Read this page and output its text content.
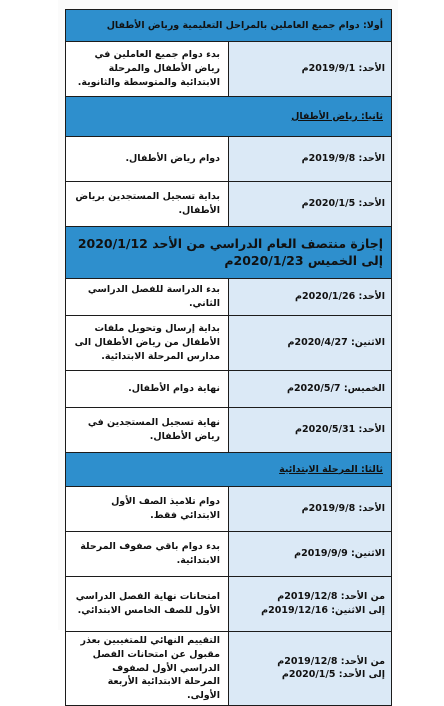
أولا: دوام جميع العاملين بالمراحل التعليمية ورياض الأطفال	
الأحد: 2019/9/1م	بدء دوام جميع العاملين في رياض الأطفال والمرحلة الابتدائية والمتوسطة والثانوية.
ثانيا: رياض الأطفال	
الأحد: 2019/9/8م	دوام رياض الأطفال.
الأحد: 2020/1/5م	بداية تسجيل المستجدين برياض الأطفال.

إجازة منتصف العام الدراسي من الأحد 2020/1/12
إلى الخميس 2020/1/23م	

الأحد: 2020/1/26م	بدء الدراسة للفصل الدراسي الثاني.
الاثنين: 2020/4/27م	بداية إرسال وتحويل ملفات الأطفال من رياض الأطفال الى مدارس المرحلة الابتدائية.
الخميس: 2020/5/7م	نهاية دوام الأطفال.
الأحد: 2020/5/31م	نهاية تسجيل المستجدين في رياض الأطفال.
ثالثا: المرحلة الابتدائية	
الأحد: 2019/9/8م	دوام تلاميذ الصف الأول الابتدائي فقط.
الاثنين: 2019/9/9م	بدء دوام باقي صفوف المرحلة الابتدائية.

من الأحد: 2019/12/8م
إلى الاثنين: 2019/12/16م	امتحانات نهاية الفصل الدراسي الأول للصف الخامس الابتدائي.

من الأحد: 2019/12/8م
إلى الأحد: 2020/1/5م	التقييم النهائي للمتغيبين بعذر مقبول عن امتحانات الفصل الدراسي الأول لصفوف المرحلة الابتدائية الأربعة الأولى.
